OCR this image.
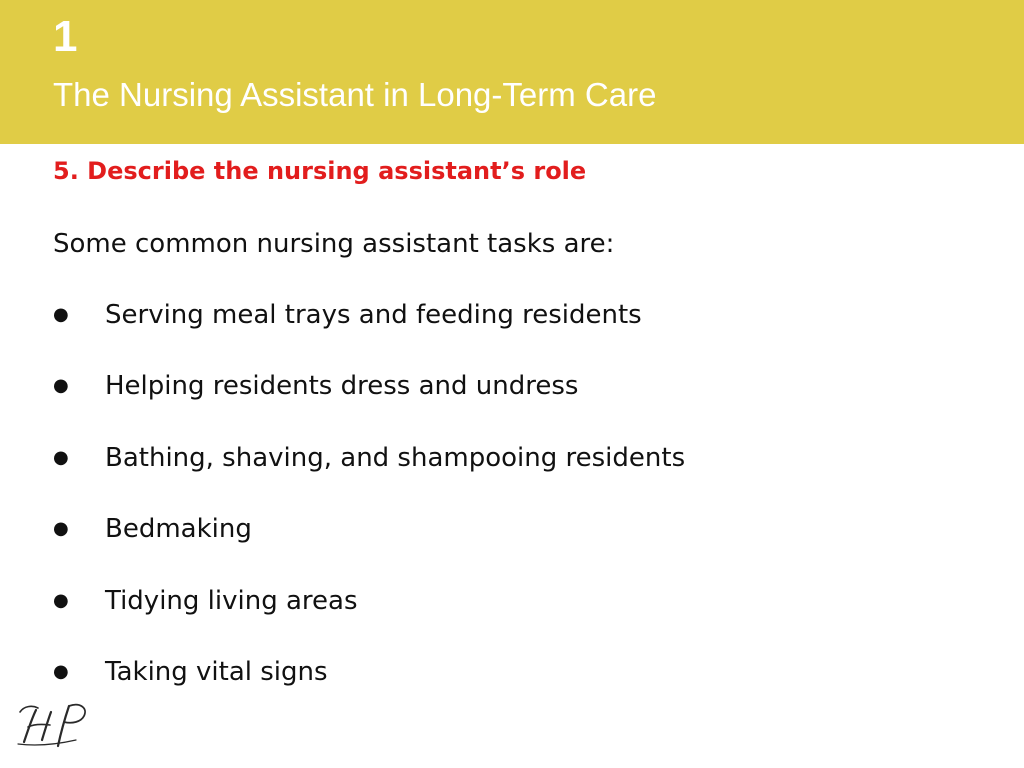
1
The Nursing Assistant in Long-Term Care
5. Describe the nursing assistant’s role
Some common nursing assistant tasks are:
●	Serving meal trays and feeding residents
●	Helping residents dress and undress
●	Bathing, shaving, and shampooing residents
●	Bedmaking
●	Tidying living areas
●	Taking vital signs
